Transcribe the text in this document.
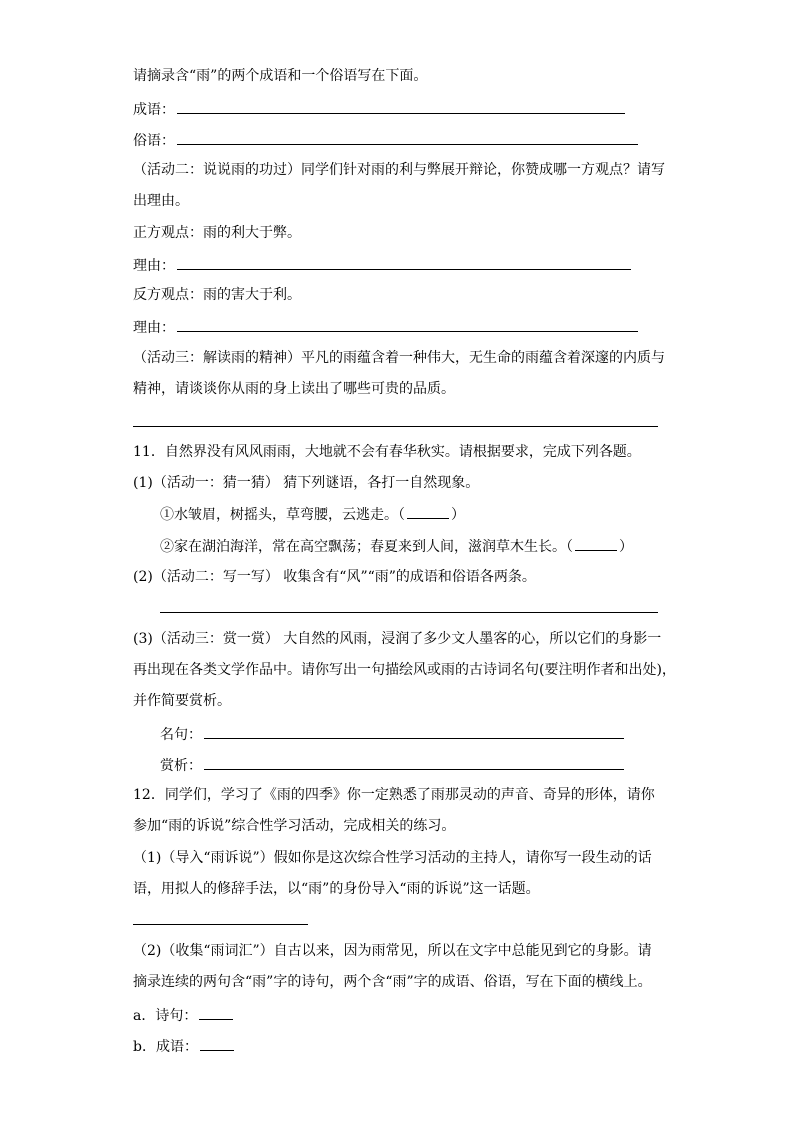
请摘录含“雨”的两个成语和一个俗语写在下面。
成语：
俗语：
（活动二：说说雨的功过）同学们针对雨的利与弊展开辩论，你赞成哪一方观点？请写
出理由。
正方观点：雨的利大于弊。
理由：
反方观点：雨的害大于利。
理由：
（活动三：解读雨的精神）平凡的雨蕴含着一种伟大，无生命的雨蕴含着深邃的内质与
精神，请谈谈你从雨的身上读出了哪些可贵的品质。
11．自然界没有风风雨雨，大地就不会有春华秋实。请根据要求，完成下列各题。
(1)（活动一：猜一猜） 猜下列谜语，各打一自然现象。
①水皱眉，树摇头，草弯腰，云逃走。（	）
②家在湖泊海洋，常在高空飘荡；春夏来到人间，滋润草木生长。（	）
(2)（活动二：写一写） 收集含有“风”“雨”的成语和俗语各两条。
(3)（活动三：赏一赏） 大自然的风雨，浸润了多少文人墨客的心，所以它们的身影一
再出现在各类文学作品中。请你写出一句描绘风或雨的古诗词名句(要注明作者和出处)，
并作简要赏析。
名句：
赏析：
12．同学们，学习了《雨的四季》你一定熟悉了雨那灵动的声音、奇异的形体，请你
参加“雨的诉说”综合性学习活动，完成相关的练习。
（1)（导入“雨诉说”）假如你是这次综合性学习活动的主持人，请你写一段生动的话
语，用拟人的修辞手法，以“雨”的身份导入“雨的诉说”这一话题。
（2)（收集“雨词汇”）自古以来，因为雨常见，所以在文字中总能见到它的身影。请
摘录连续的两句含“雨”字的诗句，两个含“雨”字的成语、俗语，写在下面的横线上。
a．诗句：
b．成语：
